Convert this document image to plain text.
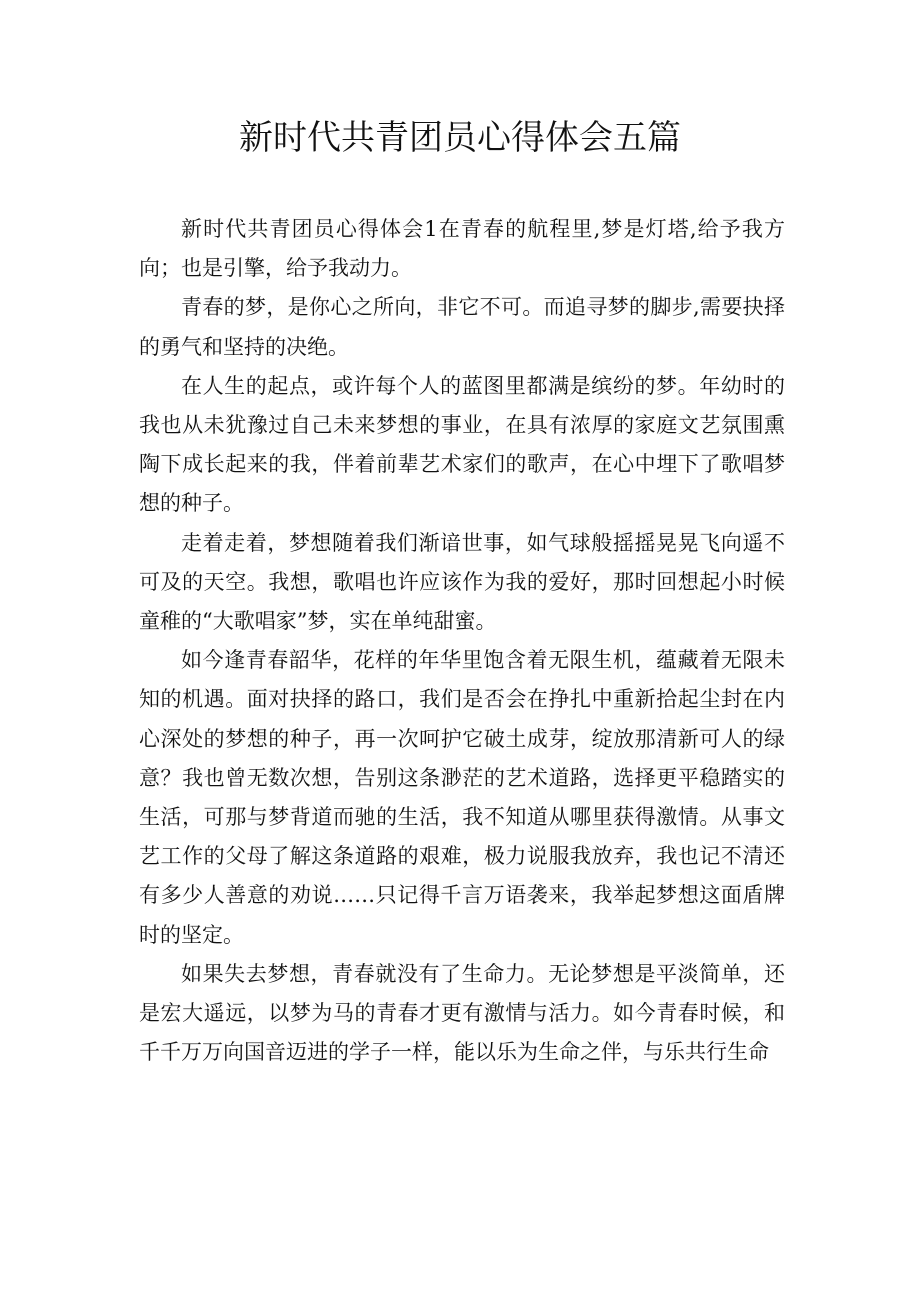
新时代共青团员心得体会五篇

新时代共青团员心得体会1在青春的航程里,梦是灯塔,给予我方向；也是引擎，给予我动力。

青春的梦，是你心之所向，非它不可。而追寻梦的脚步,需要抉择的勇气和坚持的决绝。

在人生的起点，或许每个人的蓝图里都满是缤纷的梦。年幼时的我也从未犹豫过自己未来梦想的事业，在具有浓厚的家庭文艺氛围熏陶下成长起来的我，伴着前辈艺术家们的歌声，在心中埋下了歌唱梦想的种子。

走着走着，梦想随着我们渐谙世事，如气球般摇摇晃晃飞向遥不可及的天空。我想，歌唱也许应该作为我的爱好，那时回想起小时候童稚的“大歌唱家”梦，实在单纯甜蜜。

如今逢青春韶华，花样的年华里饱含着无限生机，蕴藏着无限未知的机遇。面对抉择的路口，我们是否会在挣扎中重新拾起尘封在内心深处的梦想的种子，再一次呵护它破土成芽，绽放那清新可人的绿意？我也曾无数次想，告别这条渺茫的艺术道路，选择更平稳踏实的生活，可那与梦背道而驰的生活，我不知道从哪里获得激情。从事文艺工作的父母了解这条道路的艰难，极力说服我放弃，我也记不清还有多少人善意的劝说……只记得千言万语袭来，我举起梦想这面盾牌时的坚定。

如果失去梦想，青春就没有了生命力。无论梦想是平淡简单，还是宏大遥远，以梦为马的青春才更有激情与活力。如今青春时候，和千千万万向国音迈进的学子一样，能以乐为生命之伴，与乐共行生命
